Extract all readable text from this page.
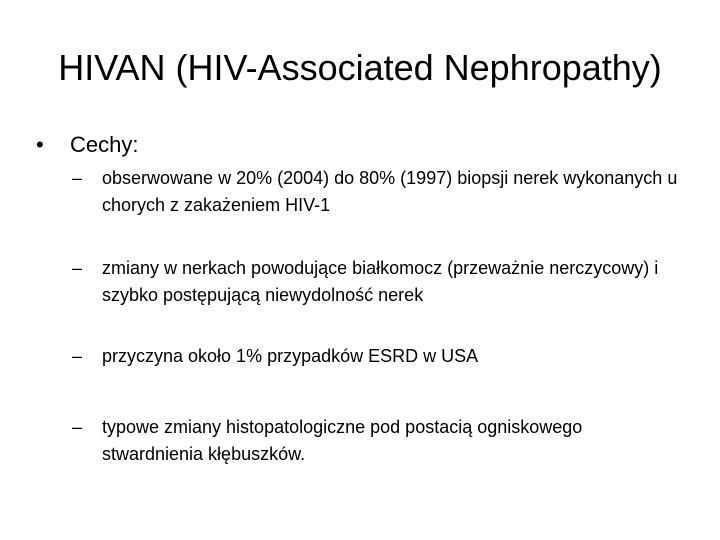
HIVAN (HIV-Associated Nephropathy)
•	Cechy:
–	obserwowane w 20% (2004) do 80% (1997) biopsji nerek wykonanych u chorych z zakażeniem HIV-1
–	zmiany w nerkach powodujące białkomocz (przeważnie nerczycowy) i szybko postępującą niewydolność nerek
–	przyczyna około 1% przypadków ESRD w USA
–	typowe zmiany histopatologiczne pod postacią ogniskowego stwardnienia kłębuszków.
